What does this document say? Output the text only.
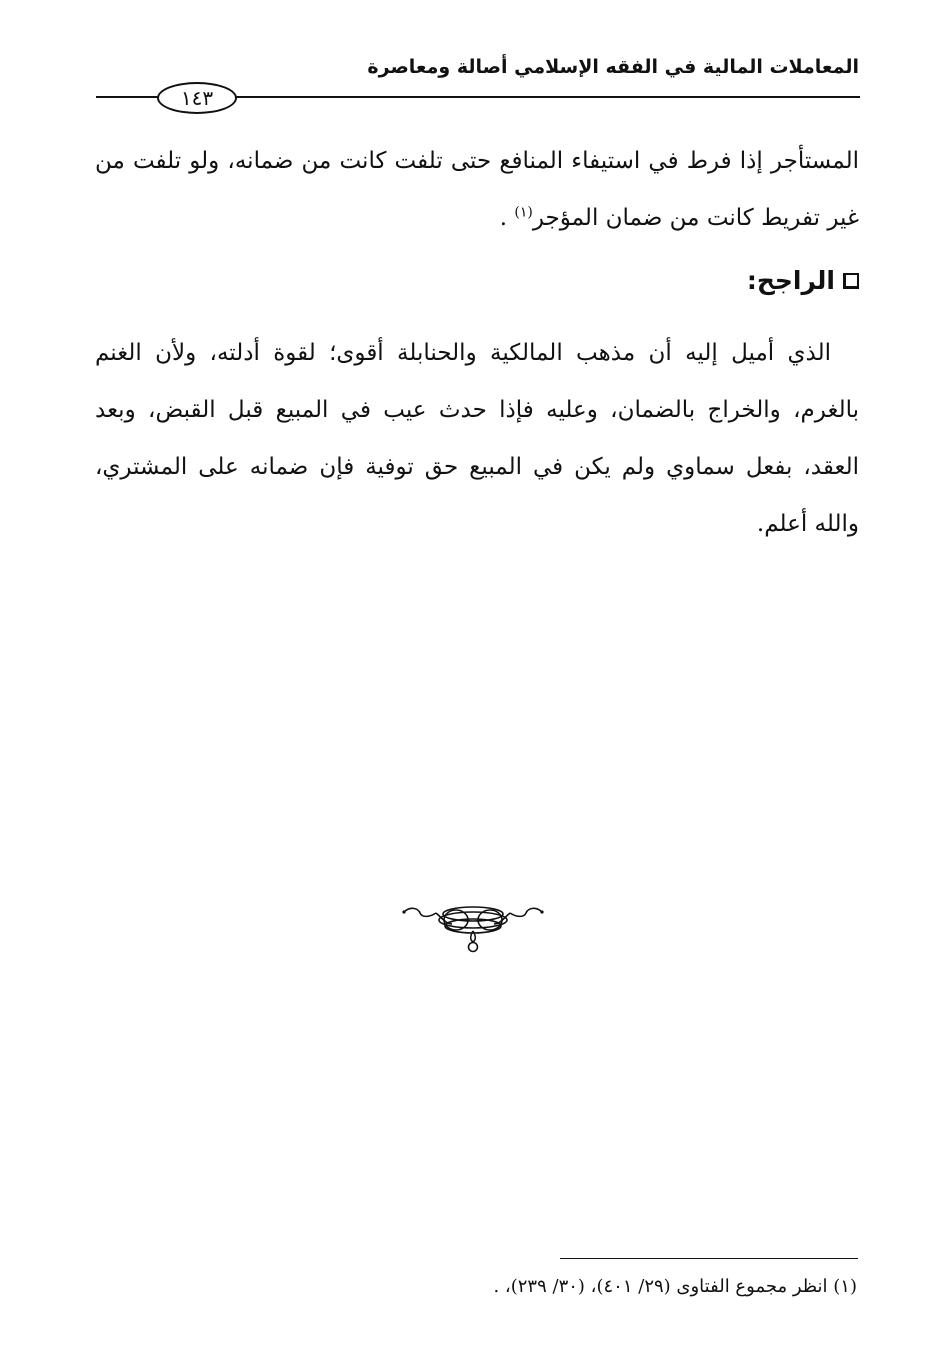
المعاملات المالية في الفقه الإسلامي أصالة ومعاصرة
١٤٣

المستأجر إذا فرط في استيفاء المنافع حتى تلفت كانت من ضمانه، ولو تلفت من غير تفريط كانت من ضمان المؤجر$^{(١)}$ .

الراجح:

الذي أميل إليه أن مذهب المالكية والحنابلة أقوى؛ لقوة أدلته، ولأن الغنم بالغرم، والخراج بالضمان، وعليه فإذا حدث عيب في المبيع قبل القبض، وبعد العقد، بفعل سماوي ولم يكن في المبيع حق توفية فإن ضمانه على المشتري، والله أعلم.

(١) انظر مجموع الفتاوى (٢٩/ ٤٠١)، (٣٠/ ٢٣٩)، .
